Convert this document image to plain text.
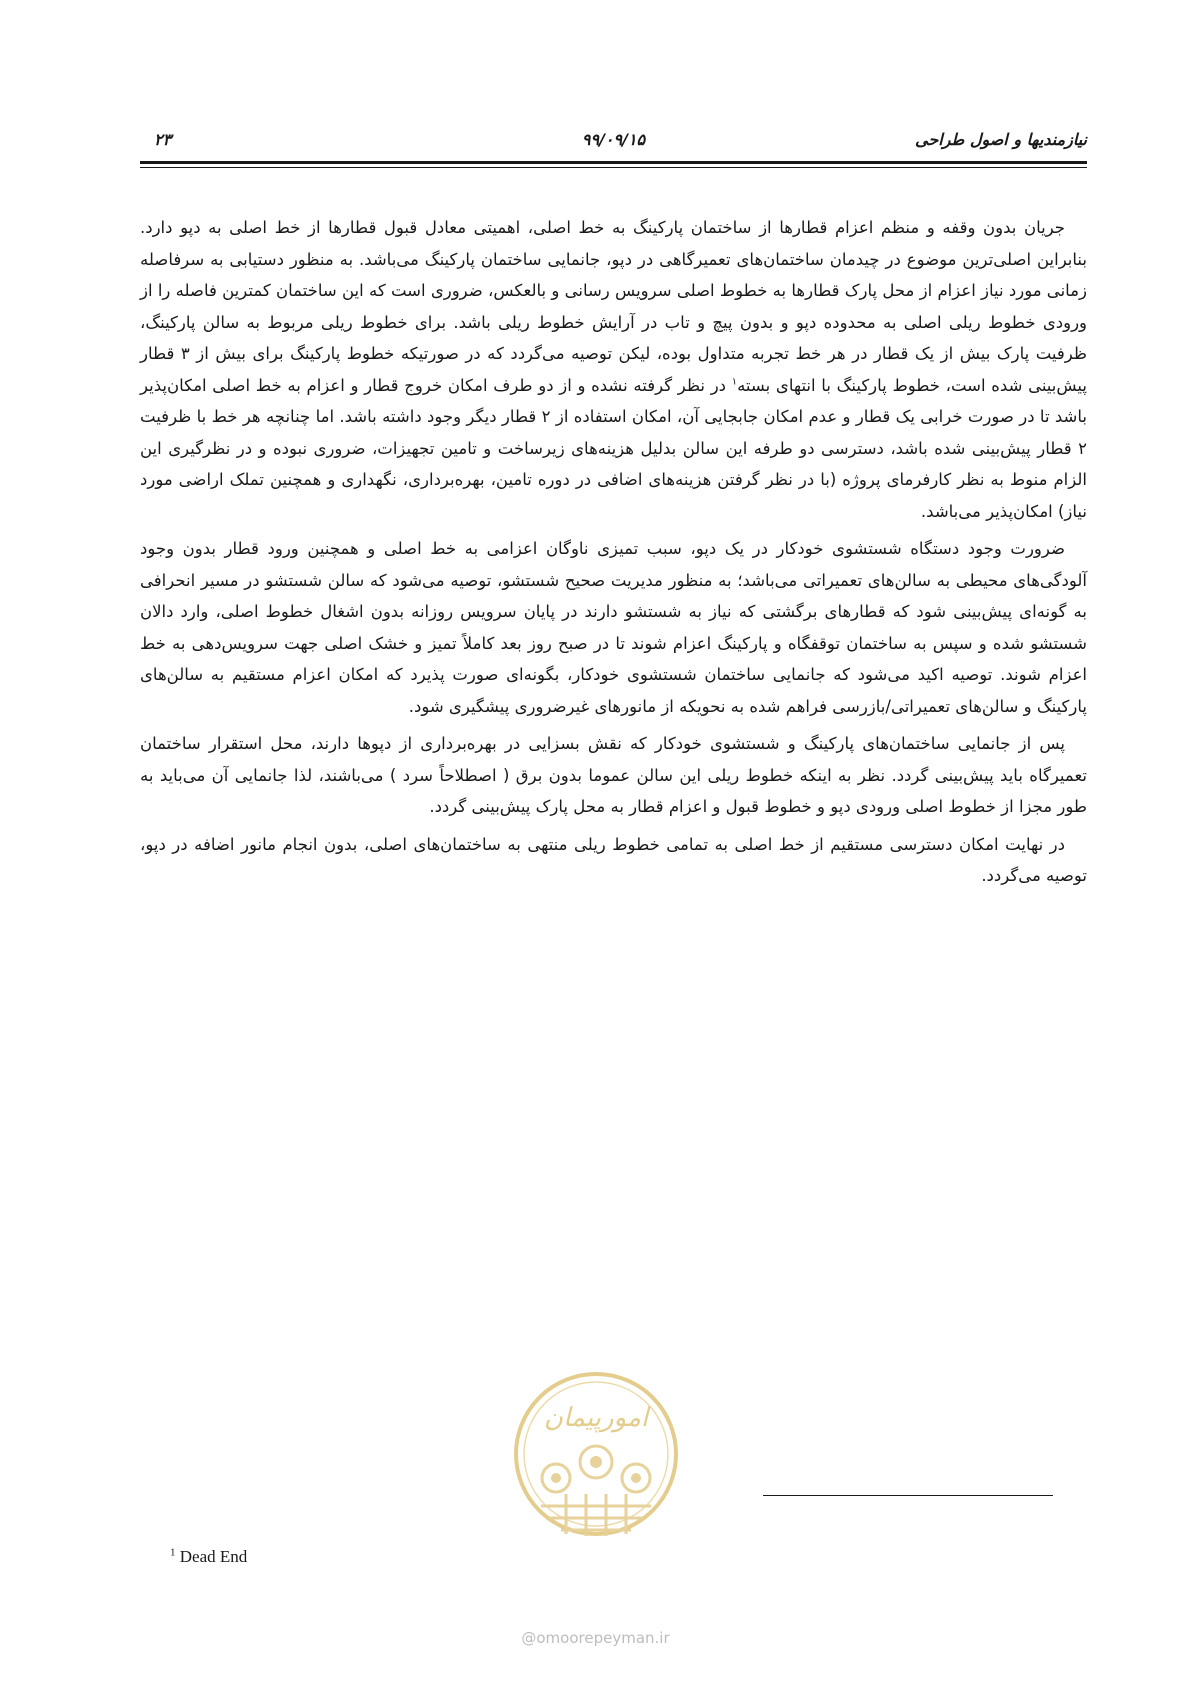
نیازمندیها و اصول طراحی
۹۹/۰۹/۱۵
۲۳

جریان بدون وقفه و منظم اعزام قطارها از ساختمان پارکینگ به خط اصلی، اهمیتی معادل قبول قطارها از خط اصلی به دپو دارد. بنابراین اصلی‌ترین موضوع در چیدمان ساختمان‌های تعمیرگاهی در دپو، جانمایی ساختمان پارکینگ می‌باشد. به منظور دستیابی به سرفاصله زمانی مورد نیاز اعزام از محل پارک قطارها به خطوط اصلی سرویس رسانی و بالعکس، ضروری است که این ساختمان کمترین فاصله را از ورودی خطوط ریلی اصلی به محدوده دپو و بدون پیچ و تاب در آرایش خطوط ریلی باشد. برای خطوط ریلی مربوط به سالن پارکینگ، ظرفیت پارک بیش از یک قطار در هر خط تجربه متداول بوده، لیکن توصیه می‌گردد که در صورتیکه خطوط پارکینگ برای بیش از ۳ قطار پیش‌بینی شده است، خطوط پارکینگ با انتهای بسته$^۱$ در نظر گرفته نشده و از دو طرف امکان خروج قطار و اعزام به خط اصلی امکان‌پذیر باشد تا در صورت خرابی یک قطار و عدم امکان جابجایی آن، امکان استفاده از ۲ قطار دیگر وجود داشته باشد. اما چنانچه هر خط با ظرفیت ۲ قطار پیش‌بینی شده باشد، دسترسی دو طرفه این سالن بدلیل هزینه‌های زیرساخت و تامین تجهیزات، ضروری نبوده و در نظرگیری این الزام منوط به نظر کارفرمای پروژه (با در نظر گرفتن هزینه‌های اضافی در دوره تامین، بهره‌برداری، نگهداری و همچنین تملک اراضی مورد نیاز) امکان‌پذیر می‌باشد.

ضرورت وجود دستگاه شستشوی خودکار در یک دپو، سبب تمیزی ناوگان اعزامی به خط اصلی و همچنین ورود قطار بدون وجود آلودگی‌های محیطی به سالن‌های تعمیراتی می‌باشد؛ به منظور مدیریت صحیح شستشو، توصیه می‌شود که سالن شستشو در مسیر انحرافی به گونه‌ای پیش‌بینی شود که قطارهای برگشتی که نیاز به شستشو دارند در پایان سرویس روزانه بدون اشغال خطوط اصلی، وارد دالان شستشو شده و سپس به ساختمان توقفگاه و پارکینگ اعزام شوند تا در صبح روز بعد کاملاً تمیز و خشک اصلی جهت سرویس‌دهی به خط اعزام شوند. توصیه اکید می‌شود که جانمایی ساختمان شستشوی خودکار، بگونه‌ای صورت پذیرد که امکان اعزام مستقیم به سالن‌های پارکینگ و سالن‌های تعمیراتی/بازرسی فراهم شده به نحویکه از مانورهای غیرضروری پیشگیری شود.

پس از جانمایی ساختمان‌های پارکینگ و شستشوی خودکار که نقش بسزایی در بهره‌برداری از دپوها دارند، محل استقرار ساختمان تعمیرگاه باید پیش‌بینی گردد. نظر به اینکه خطوط ریلی این سالن عموما بدون برق ( اصطلاحاً سرد ) می‌باشند، لذا جانمایی آن می‌باید به طور مجزا از خطوط اصلی ورودی دپو و خطوط قبول و اعزام قطار به محل پارک پیش‌بینی گردد.

در نهایت امکان دسترسی مستقیم از خط اصلی به تمامی خطوط ریلی منتهی به ساختمان‌های اصلی، بدون انجام مانور اضافه در دپو، توصیه می‌گردد.

امورپیمان
$^1$ Dead End
@omoorepeyman.ir
